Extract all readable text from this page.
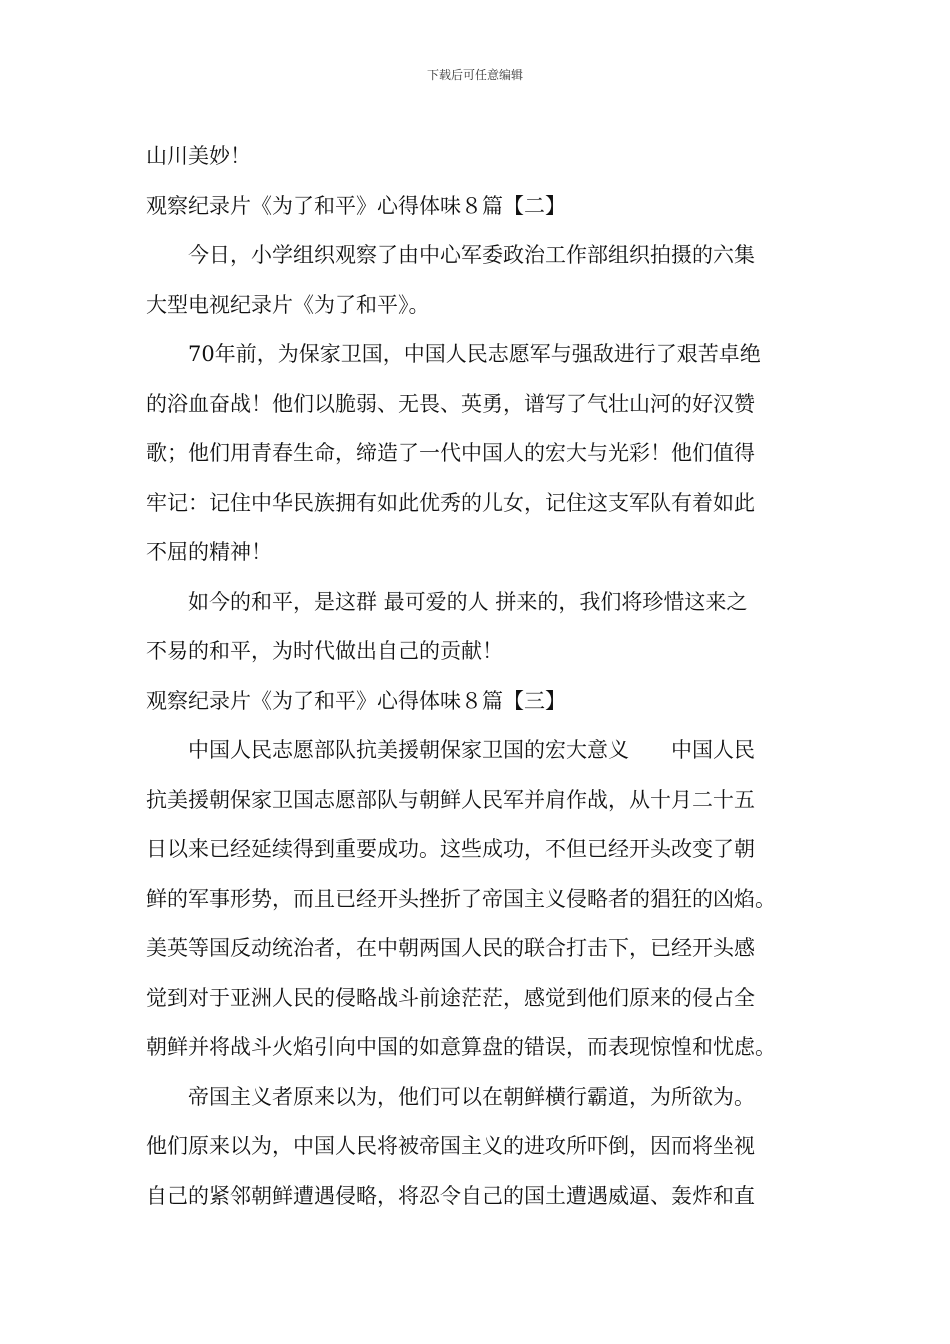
下载后可任意编辑

山川美妙！

观察纪录片《为了和平》心得体味８篇【二】

　　今日，小学组织观察了由中心军委政治工作部组织拍摄的六集

大型电视纪录片《为了和平》。

　　70年前，为保家卫国，中国人民志愿军与强敌进行了艰苦卓绝

的浴血奋战！他们以脆弱、无畏、英勇，谱写了气壮山河的好汉赞

歌；他们用青春生命，缔造了一代中国人的宏大与光彩！他们值得

牢记：记住中华民族拥有如此优秀的儿女，记住这支军队有着如此

不屈的精神！

　　如今的和平，是这群 最可爱的人 拼来的，我们将珍惜这来之

不易的和平，为时代做出自己的贡献！

观察纪录片《为了和平》心得体味８篇【三】

　　中国人民志愿部队抗美援朝保家卫国的宏大意义　　中国人民

抗美援朝保家卫国志愿部队与朝鲜人民军并肩作战，从十月二十五

日以来已经延续得到重要成功。这些成功，不但已经开头改变了朝

鲜的军事形势，而且已经开头挫折了帝国主义侵略者的猖狂的凶焰。

美英等国反动统治者，在中朝两国人民的联合打击下，已经开头感

觉到对于亚洲人民的侵略战斗前途茫茫，感觉到他们原来的侵占全

朝鲜并将战斗火焰引向中国的如意算盘的错误，而表现惊惶和忧虑。

　　帝国主义者原来以为，他们可以在朝鲜横行霸道，为所欲为。

他们原来以为，中国人民将被帝国主义的进攻所吓倒，因而将坐视

自己的紧邻朝鲜遭遇侵略，将忍令自己的国土遭遇威逼、轰炸和直
